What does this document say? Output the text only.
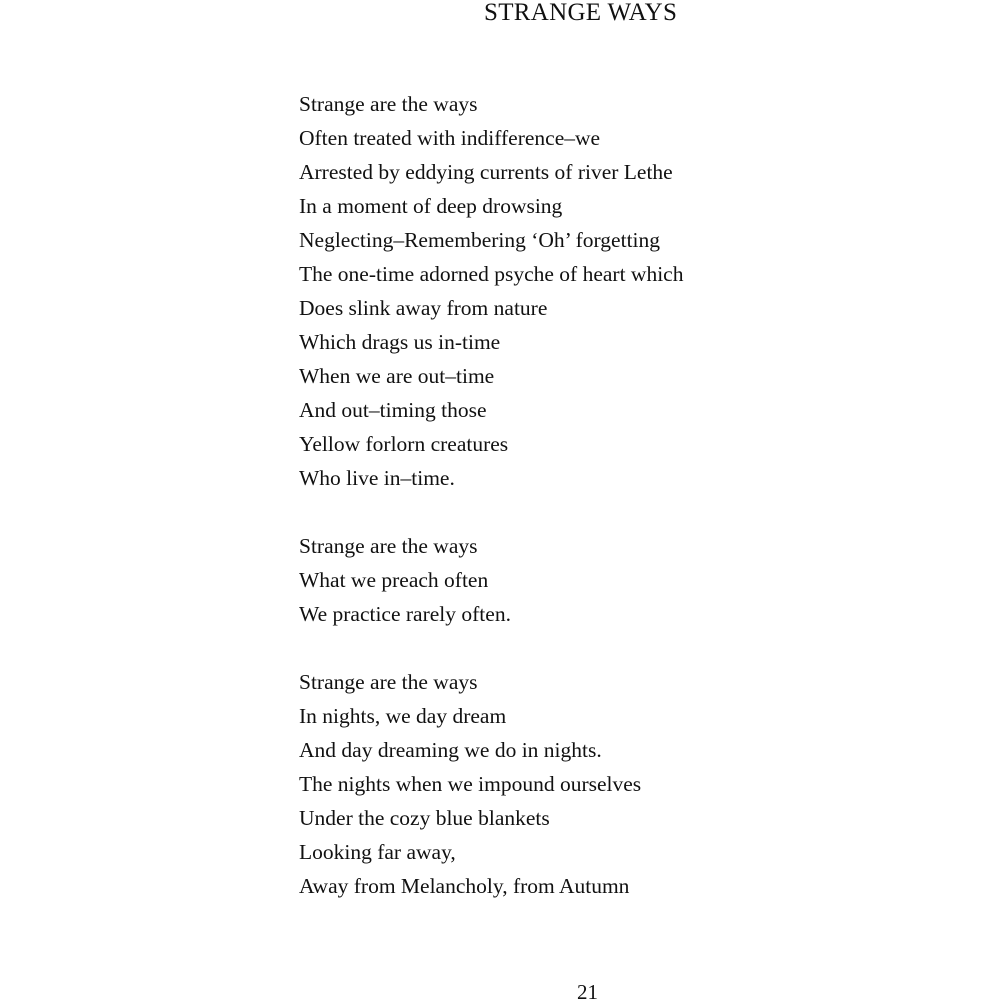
STRANGE WAYS
Strange are the ways
Often treated with indifference–we
Arrested by eddying currents of river Lethe
In a moment of deep drowsing
Neglecting–Remembering ‘Oh’ forgetting
The one-time adorned psyche of heart which
Does slink away from nature
Which drags us in-time
When we are out–time
And out–timing those
Yellow forlorn creatures
Who live in–time.
Strange are the ways
What we preach often
We practice rarely often.
Strange are the ways
In nights, we day dream
And day dreaming we do in nights.
The nights when we impound ourselves
Under the cozy blue blankets
Looking far away,
Away from Melancholy, from Autumn
21
